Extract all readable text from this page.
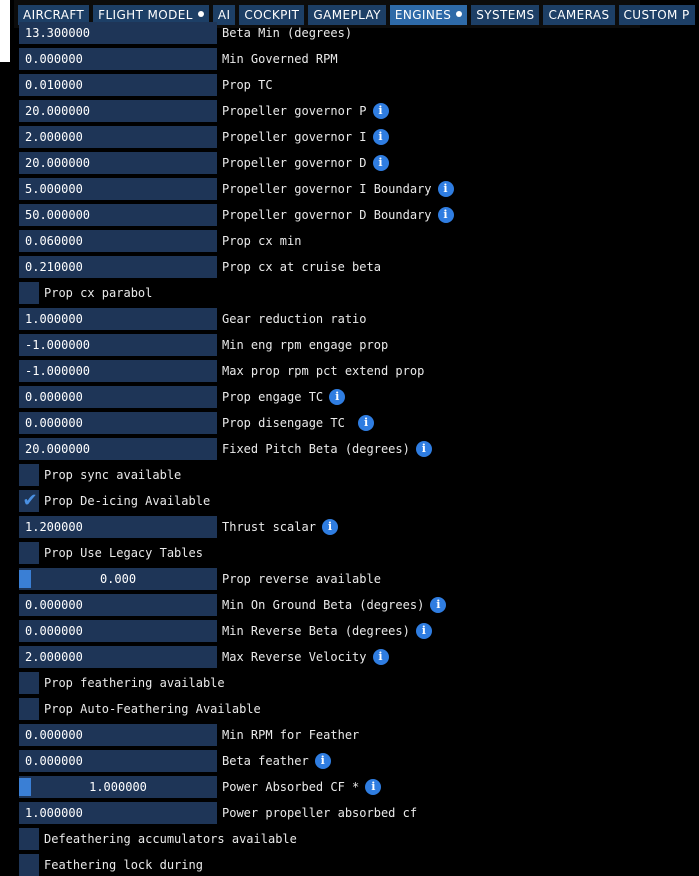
AIRCRAFT FLIGHT MODEL AI COCKPIT GAMEPLAY ENGINES SYSTEMS CAMERAS CUSTOM P
13.300000	Beta Min (degrees)
0.000000	Min Governed RPM
0.010000	Prop TC
20.000000	Propeller governor P i
2.000000	Propeller governor I i
20.000000	Propeller governor D i
5.000000	Propeller governor I Boundary i
50.000000	Propeller governor D Boundary i
0.060000	Prop cx min
0.210000	Prop cx at cruise beta
Prop cx parabol
1.000000	Gear reduction ratio
-1.000000	Min eng rpm engage prop
-1.000000	Max prop rpm pct extend prop
0.000000	Prop engage TC i
0.000000	Prop disengage TC i
20.000000	Fixed Pitch Beta (degrees) i
Prop sync available
✔ Prop De-icing Available
1.200000	Thrust scalar i
Prop Use Legacy Tables
0.000	Prop reverse available
0.000000	Min On Ground Beta (degrees) i
0.000000	Min Reverse Beta (degrees) i
2.000000	Max Reverse Velocity i
Prop feathering available
Prop Auto-Feathering Available
0.000000	Min RPM for Feather
0.000000	Beta feather i
1.000000	Power Absorbed CF * i
1.000000	Power propeller absorbed cf
Defeathering accumulators available
Feathering lock during
